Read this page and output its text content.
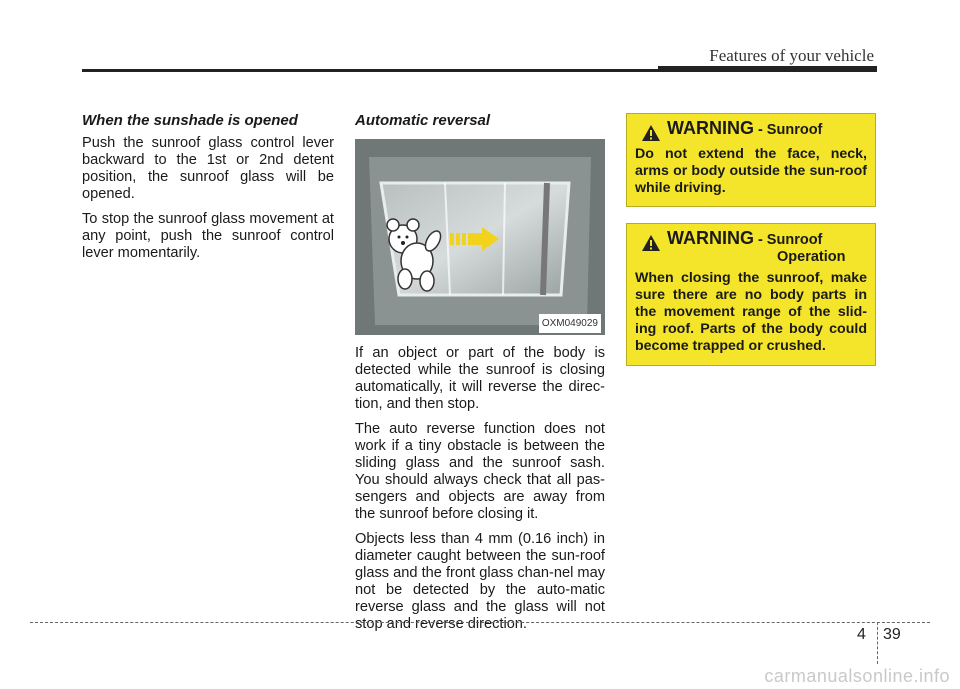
Features of your vehicle
When the sunshade is opened

Push the sunroof glass control lever backward to the 1st or 2nd detent position, the sunroof glass will be opened.

To stop the sunroof glass movement at any point, push the sunroof control lever momentarily.

Automatic reversal
OXM049029

If an object or part of the body is detected while the sunroof is closing automatically, it will reverse the direc-tion, and then stop.

The auto reverse function does not work if a tiny obstacle is between the sliding glass and the sunroof sash. You should always check that all pas-sengers and objects are away from the sunroof before closing it.

Objects less than 4 mm (0.16 inch) in diameter caught between the sun-roof glass and the front glass chan-nel may not be detected by the auto-matic reverse glass and the glass will not stop and reverse direction.

WARNING - Sunroof

Do not extend the face, neck, arms or body outside the sun-roof while driving.

WARNING - Sunroof
Operation

When closing the sunroof, make sure there are no body parts in the movement range of the slid-ing roof. Parts of the body could become trapped or crushed.

4 39
carmanualsonline.info
